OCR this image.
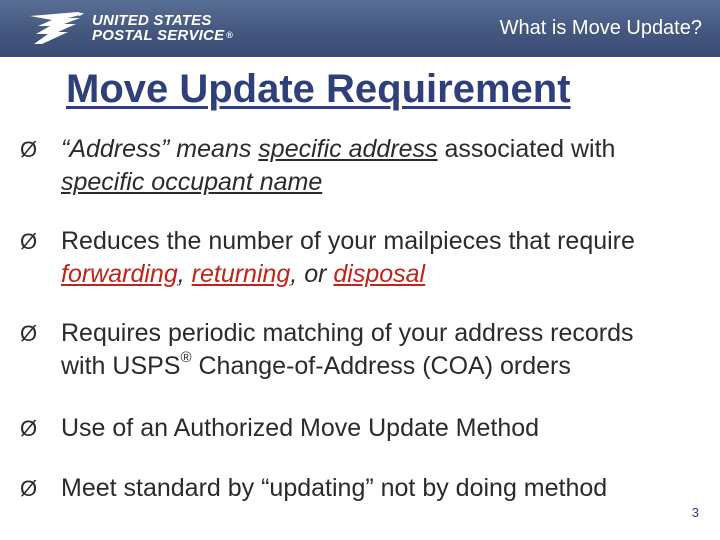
UNITED STATES
POSTAL SERVICE ®	What is Move Update?
Move Update Requirement
Ø “Address” means specific address associated with
specific occupant name
Ø Reduces the number of your mailpieces that require
forwarding, returning, or disposal
Ø Requires periodic matching of your address records
with USPS® Change-of-Address (COA) orders
Ø Use of an Authorized Move Update Method
Ø Meet standard by “updating” not by doing method
3
